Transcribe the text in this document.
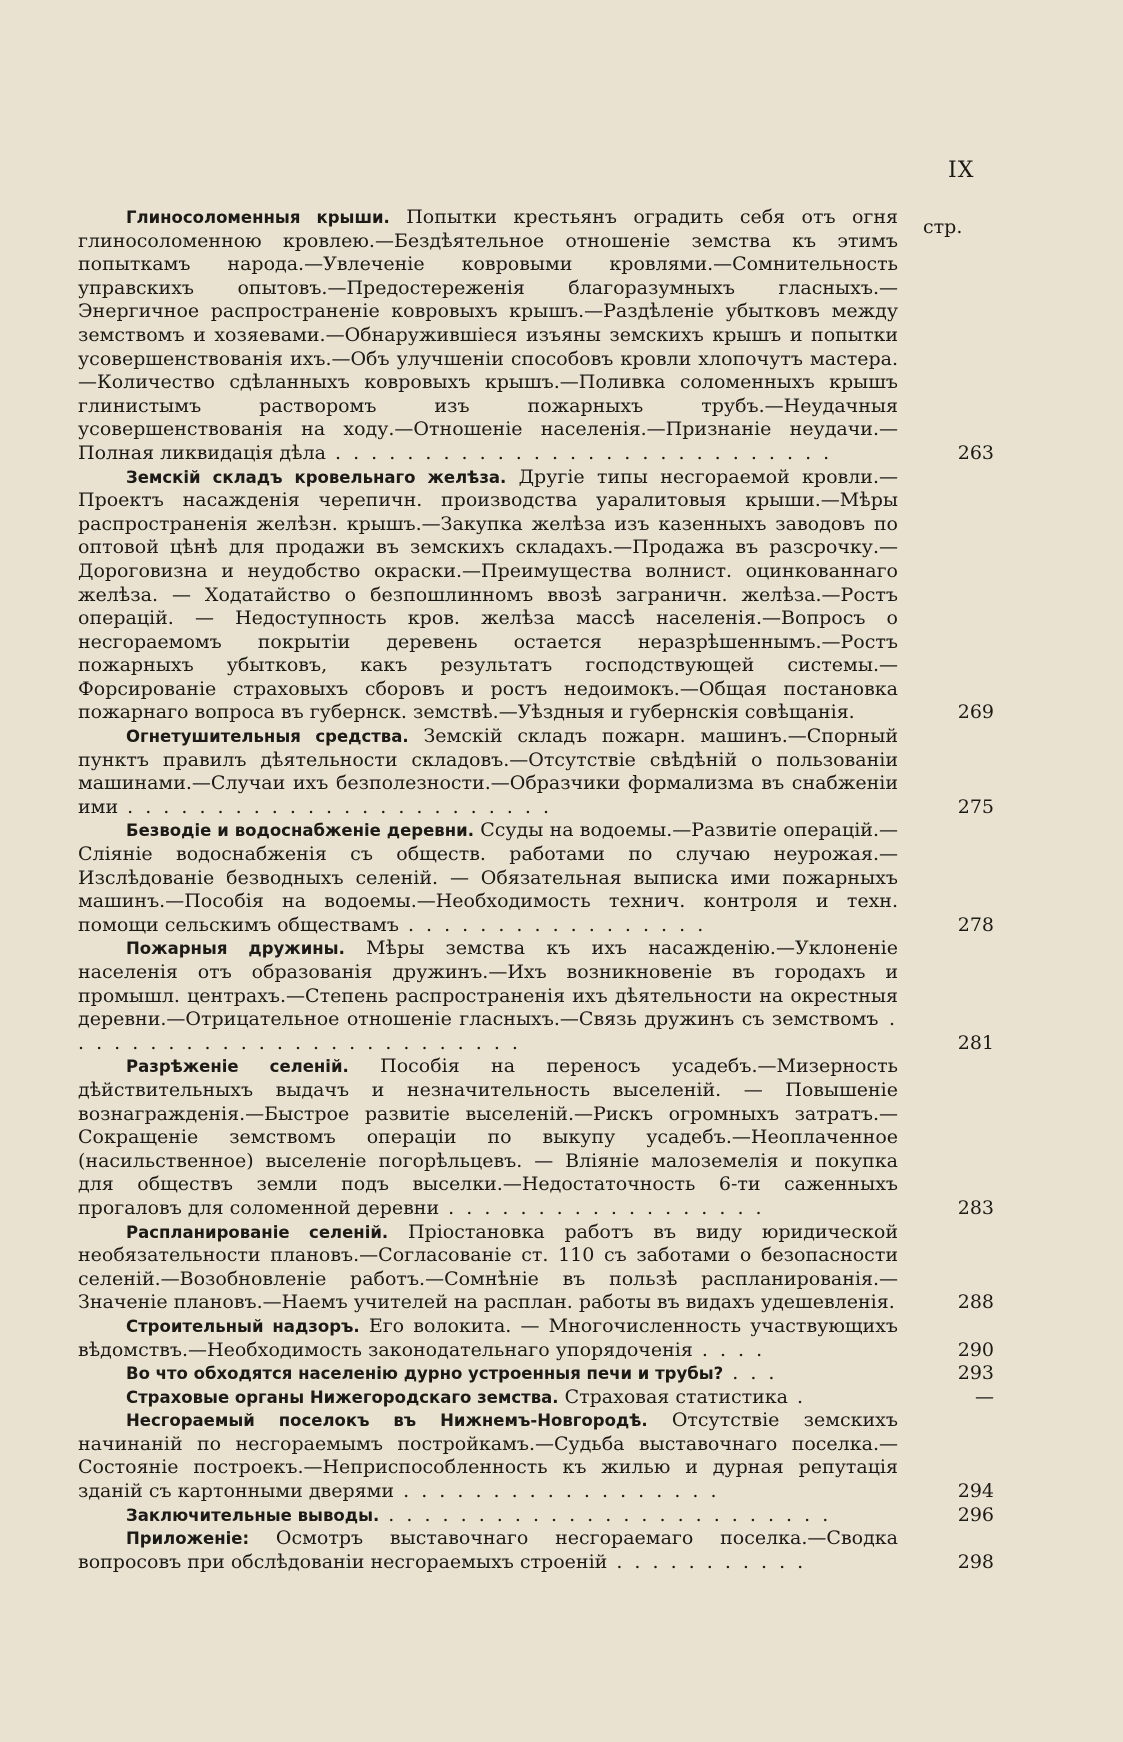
IX
стр.
Глиносоломенныя крыши. Попытки крестьянъ оградить себя отъ огня глиносоломенною кровлею.—Бездѣятельное отношеніе земства къ этимъ попыткамъ народа.—Увлеченіе ковровыми кровлями.—Сомнительность управскихъ опытовъ.—Предостереженія благоразумныхъ гласныхъ.—Энергичное распространеніе ковровыхъ крышъ.—Раздѣленіе убытковъ между земствомъ и хозяевами.—Обнаружившіеся изъяны земскихъ крышъ и попытки усовершенствованія ихъ.—Объ улучшеніи способовъ кровли хлопочутъ мастера.—Количество сдѣланныхъ ковровыхъ крышъ.—Поливка соломенныхъ крышъ глинистымъ растворомъ изъ пожарныхъ трубъ.—Неудачныя усовершенствованія на ходу.—Отношеніе населенія.—Признаніе неудачи.—Полная ликвидація дѣла . . . . . . . . . . . . . . . . . . . . . . . . . . . .	263
Земскій складъ кровельнаго желѣза. Другіе типы несгораемой кровли.—Проектъ насажденія черепичн. производства уаралитовыя крыши.—Мѣры распространенія желѣзн. крышъ.—Закупка желѣза изъ казенныхъ заводовъ по оптовой цѣнѣ для продажи въ земскихъ складахъ.—Продажа въ разсрочку.—Дороговизна и неудобство окраски.—Преимущества волнист. оцинкованнаго желѣза. — Ходатайство о безпошлинномъ ввозѣ заграничн. желѣза.—Ростъ операцій. — Недоступность кров. желѣза массѣ населенія.—Вопросъ о несгораемомъ покрытіи деревень остается неразрѣшеннымъ.—Ростъ пожарныхъ убытковъ, какъ результатъ господствующей системы.—Форсированіе страховыхъ сборовъ и ростъ недоимокъ.—Общая постановка пожарнаго вопроса въ губернск. земствѣ.—Уѣздныя и губернскія совѣщанія.	269
Огнетушительныя средства. Земскій складъ пожарн. машинъ.—Спорный пунктъ правилъ дѣятельности складовъ.—Отсутствіе свѣдѣній о пользованіи машинами.—Случаи ихъ безполезности.—Образчики формализма въ снабженіи ими . . . . . . . . . . . . . . . . . . . . . . . .	275
Безводіе и водоснабженіе деревни. Ссуды на водоемы.—Развитіе операцій.—Сліяніе водоснабженія съ обществ. работами по случаю неурожая.—Изслѣдованіе безводныхъ селеній. — Обязательная выписка ими пожарныхъ машинъ.—Пособія на водоемы.—Необходимость технич. контроля и техн. помощи сельскимъ обществамъ . . . . . . . . . . . . . . . . .	278
Пожарныя дружины. Мѣры земства къ ихъ насажденію.—Уклоненіе населенія отъ образованія дружинъ.—Ихъ возникновеніе въ городахъ и промышл. центрахъ.—Степень распространенія ихъ дѣятельности на окрестныя деревни.—Отрицательное отношеніе гласныхъ.—Связь дружинъ съ земствомъ . . . . . . . . . . . . . . . . . . . . . . . . . .	281
Разрѣженіе селеній. Пособія на переносъ усадебъ.—Мизерность дѣйствительныхъ выдачъ и незначительность выселеній. — Повышеніе вознагражденія.—Быстрое развитіе выселеній.—Рискъ огромныхъ затратъ.—Сокращеніе земствомъ операціи по выкупу усадебъ.—Неоплаченное (насильственное) выселеніе погорѣльцевъ. — Вліяніе малоземелія и покупка для обществъ земли подъ выселки.—Недостаточность 6-ти саженныхъ прогаловъ для соломенной деревни . . . . . . . . . . . . . . . . . .	283
Распланированіе селеній. Пріостановка работъ въ виду юридической необязательности плановъ.—Согласованіе ст. 110 съ заботами о безопасности селеній.—Возобновленіе работъ.—Сомнѣніе въ пользѣ распланированія.—Значеніе плановъ.—Наемъ учителей на расплан. работы въ видахъ удешевленія.	288
Строительный надзоръ. Его волокита. — Многочисленность участвующихъ вѣдомствъ.—Необходимость законодательнаго упорядоченія . . . .	290
Во что обходятся населенію дурно устроенныя печи и трубы? . . .	293
Страховые органы Нижегородскаго земства. Страховая статистика .	—
Несгораемый поселокъ въ Нижнемъ-Новгородѣ. Отсутствіе земскихъ начинаній по несгораемымъ постройкамъ.—Судьба выставочнаго поселка.—Состояніе построекъ.—Неприспособленность къ жилью и дурная репутація зданій съ картонными дверями . . . . . . . . . . . . . . . . . .	294
Заключительные выводы. . . . . . . . . . . . . . . . . . . . . . . . . .	296
Приложеніе: Осмотръ выставочнаго несгораемаго поселка.—Сводка вопросовъ при обслѣдованіи несгораемыхъ строеній . . . . . . . . . . .	298
